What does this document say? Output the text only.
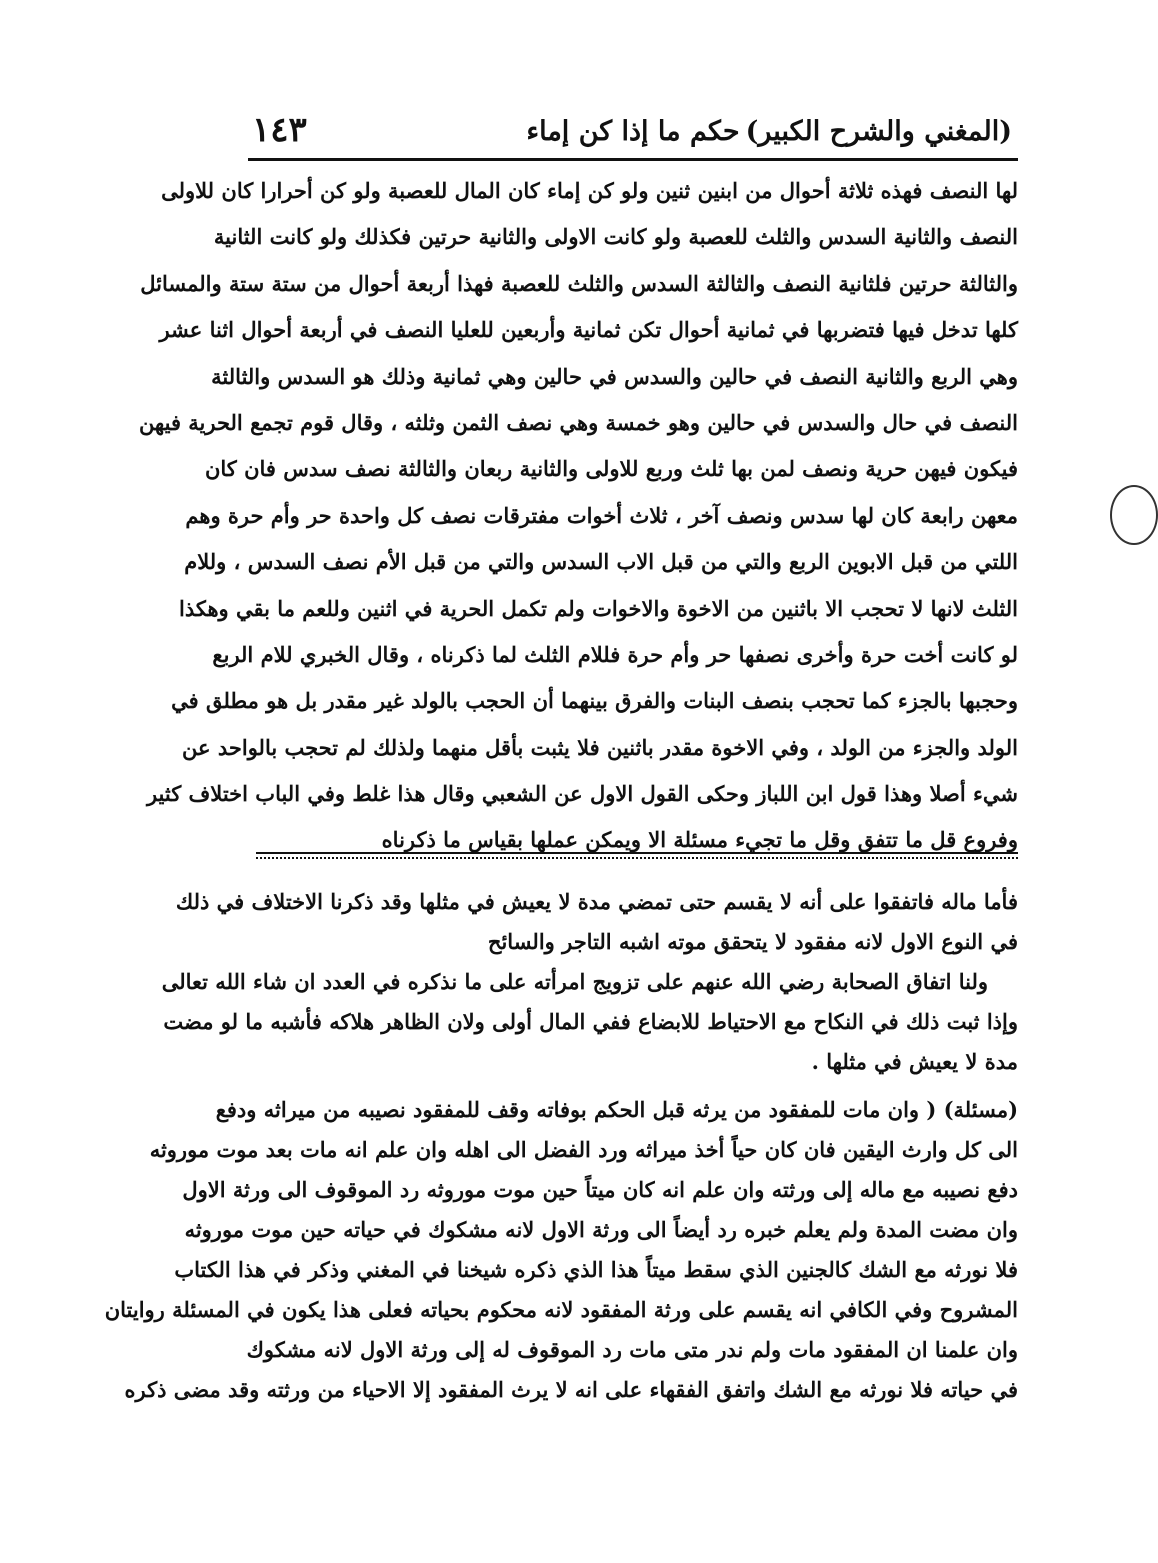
(المغني والشرح الكبير)
حكم ما إذا كن إماء
١٤٣
لها النصف فهذه ثلاثة أحوال من ابنين ثنين ولو كن إماء كان المال للعصبة ولو كن أحرارا كان للاولى
النصف والثانية السدس والثلث للعصبة ولو كانت الاولى والثانية حرتين فكذلك ولو كانت الثانية
والثالثة حرتين فلثانية النصف والثالثة السدس والثلث للعصبة فهذا أربعة أحوال من ستة ستة والمسائل
كلها تدخل فيها فتضربها في ثمانية أحوال تكن ثمانية وأربعين للعليا النصف في أربعة أحوال اثنا عشر
وهي الربع والثانية النصف في حالين والسدس في حالين وهي ثمانية وذلك هو السدس والثالثة
النصف في حال والسدس في حالين وهو خمسة وهي نصف الثمن وثلثه ، وقال قوم تجمع الحرية فيهن
فيكون فيهن حرية ونصف لمن بها ثلث وربع للاولى والثانية ربعان والثالثة نصف سدس فان كان
معهن رابعة كان لها سدس ونصف آخر ، ثلاث أخوات مفترقات نصف كل واحدة حر وأم حرة وهم
اللتي من قبل الابوين الربع والتي من قبل الاب السدس والتي من قبل الأم نصف السدس ، وللام
الثلث لانها لا تحجب الا باثنين من الاخوة والاخوات ولم تكمل الحرية في اثنين وللعم ما بقي وهكذا
لو كانت أخت حرة وأخرى نصفها حر وأم حرة فللام الثلث لما ذكرناه ، وقال الخبري للام الربع
وحجبها بالجزء كما تحجب بنصف البنات والفرق بينهما أن الحجب بالولد غير مقدر بل هو مطلق في
الولد والجزء من الولد ، وفي الاخوة مقدر باثنين فلا يثبت بأقل منهما ولذلك لم تحجب بالواحد عن
شيء أصلا وهذا قول ابن اللباز وحكى القول الاول عن الشعبي وقال هذا غلط وفي الباب اختلاف كثير
وفروع قل ما تتفق وقل ما تجيء مسئلة الا ويمكن عملها بقياس ما ذكرناه
فأما ماله فاتفقوا على أنه لا يقسم حتى تمضي مدة لا يعيش في مثلها وقد ذكرنا الاختلاف في ذلك
في النوع الاول لانه مفقود لا يتحقق موته اشبه التاجر والسائح
ولنا اتفاق الصحابة رضي الله عنهم على تزويج امرأته على ما نذكره في العدد ان شاء الله تعالى
وإذا ثبت ذلك في النكاح مع الاحتياط للابضاع ففي المال أولى ولان الظاهر هلاكه فأشبه ما لو مضت
مدة لا يعيش في مثلها .
(مسئلة) ( وان مات للمفقود من يرثه قبل الحكم بوفاته وقف للمفقود نصيبه من ميراثه ودفع
الى كل وارث اليقين فان كان حياً أخذ ميراثه ورد الفضل الى اهله وان علم انه مات بعد موت موروثه
دفع نصيبه مع ماله إلى ورثته وان علم انه كان ميتاً حين موت موروثه رد الموقوف الى ورثة الاول
وان مضت المدة ولم يعلم خبره رد أيضاً الى ورثة الاول لانه مشكوك في حياته حين موت موروثه
فلا نورثه مع الشك كالجنين الذي سقط ميتاً هذا الذي ذكره شيخنا في المغني وذكر في هذا الكتاب
المشروح وفي الكافي انه يقسم على ورثة المفقود لانه محكوم بحياته فعلى هذا يكون في المسئلة روايتان
وان علمنا ان المفقود مات ولم ندر متى مات رد الموقوف له إلى ورثة الاول لانه مشكوك
في حياته فلا نورثه مع الشك واتفق الفقهاء على انه لا يرث المفقود إلا الاحياء من ورثته وقد مضى ذكره
